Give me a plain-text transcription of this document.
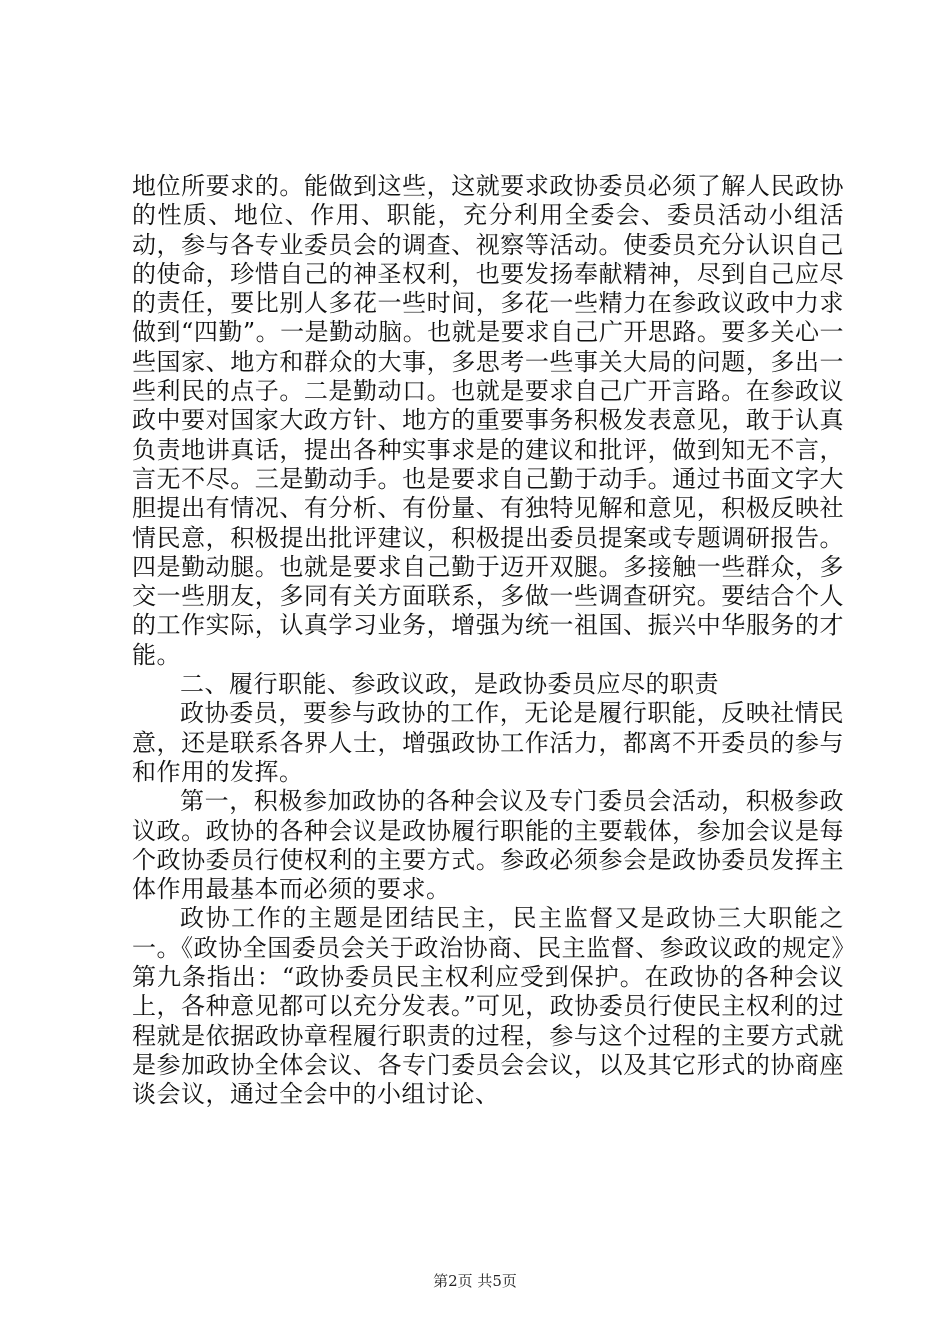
地位所要求的。能做到这些，这就要求政协委员必须了解人民政协的性质、地位、作用、职能，充分利用全委会、委员活动小组活动，参与各专业委员会的调查、视察等活动。使委员充分认识自己的使命，珍惜自己的神圣权利，也要发扬奉献精神，尽到自己应尽的责任，要比别人多花一些时间，多花一些精力在参政议政中力求做到“四勤”。一是勤动脑。也就是要求自己广开思路。要多关心一些国家、地方和群众的大事，多思考一些事关大局的问题，多出一些利民的点子。二是勤动口。也就是要求自己广开言路。在参政议政中要对国家大政方针、地方的重要事务积极发表意见，敢于认真负责地讲真话，提出各种实事求是的建议和批评，做到知无不言，言无不尽。三是勤动手。也是要求自己勤于动手。通过书面文字大胆提出有情况、有分析、有份量、有独特见解和意见，积极反映社情民意，积极提出批评建议，积极提出委员提案或专题调研报告。四是勤动腿。也就是要求自己勤于迈开双腿。多接触一些群众，多交一些朋友，多同有关方面联系，多做一些调查研究。要结合个人的工作实际，认真学习业务，增强为统一祖国、振兴中华服务的才能。

二、履行职能、参政议政，是政协委员应尽的职责

政协委员，要参与政协的工作，无论是履行职能，反映社情民意，还是联系各界人士，增强政协工作活力，都离不开委员的参与和作用的发挥。

第一，积极参加政协的各种会议及专门委员会活动，积极参政议政。政协的各种会议是政协履行职能的主要载体，参加会议是每个政协委员行使权利的主要方式。参政必须参会是政协委员发挥主体作用最基本而必须的要求。

政协工作的主题是团结民主，民主监督又是政协三大职能之一。《政协全国委员会关于政治协商、民主监督、参政议政的规定》第九条指出：“政协委员民主权利应受到保护。在政协的各种会议上，各种意见都可以充分发表。”可见，政协委员行使民主权利的过程就是依据政协章程履行职责的过程，参与这个过程的主要方式就是参加政协全体会议、各专门委员会会议，以及其它形式的协商座谈会议，通过全会中的小组讨论、

第2页 共5页
